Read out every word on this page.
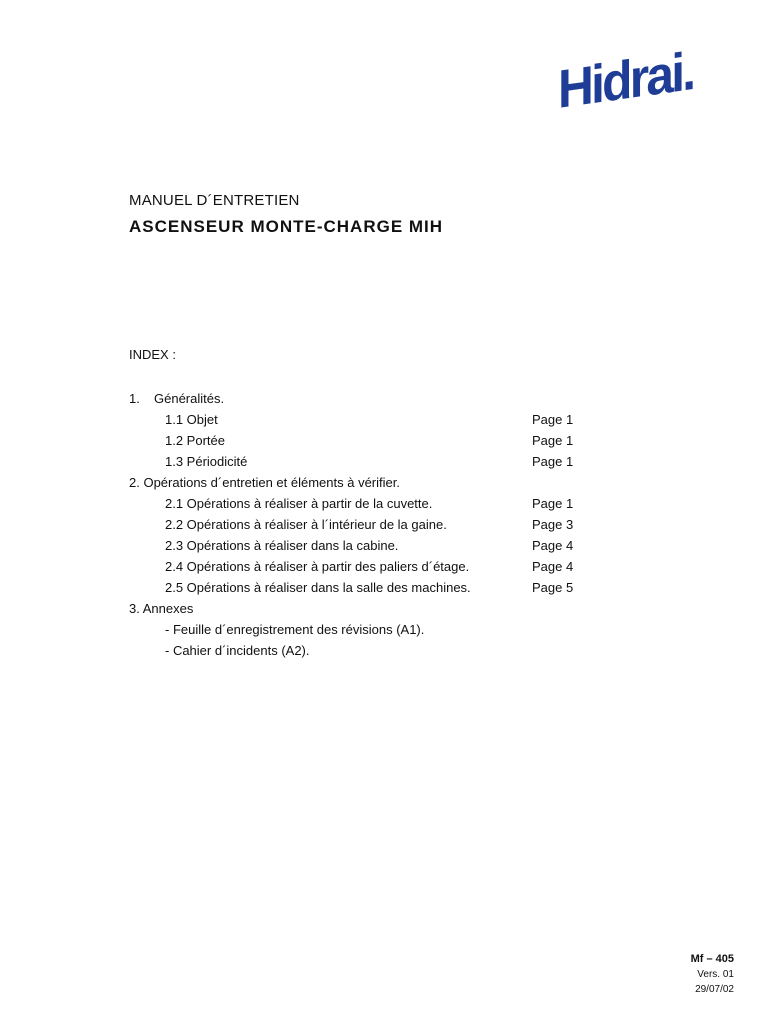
Hidrai.
MANUEL D´ENTRETIEN
ASCENSEUR MONTE-CHARGE MIH
INDEX :
1. Généralités.
1.1 Objet	Page 1
1.2 Portée	Page 1
1.3 Périodicité	Page 1
2. Opérations d´entretien et éléments à vérifier.
2.1 Opérations à réaliser à partir de la cuvette.	Page 1
2.2 Opérations à réaliser à l´intérieur de la gaine.	Page 3
2.3 Opérations à réaliser dans la cabine.	Page 4
2.4 Opérations à réaliser à partir des paliers d´étage.	Page 4
2.5 Opérations à réaliser dans la salle des machines.	Page 5
3. Annexes
- Feuille d´enregistrement des révisions (A1).
- Cahier d´incidents (A2).
Mf – 405
Vers. 01
29/07/02
